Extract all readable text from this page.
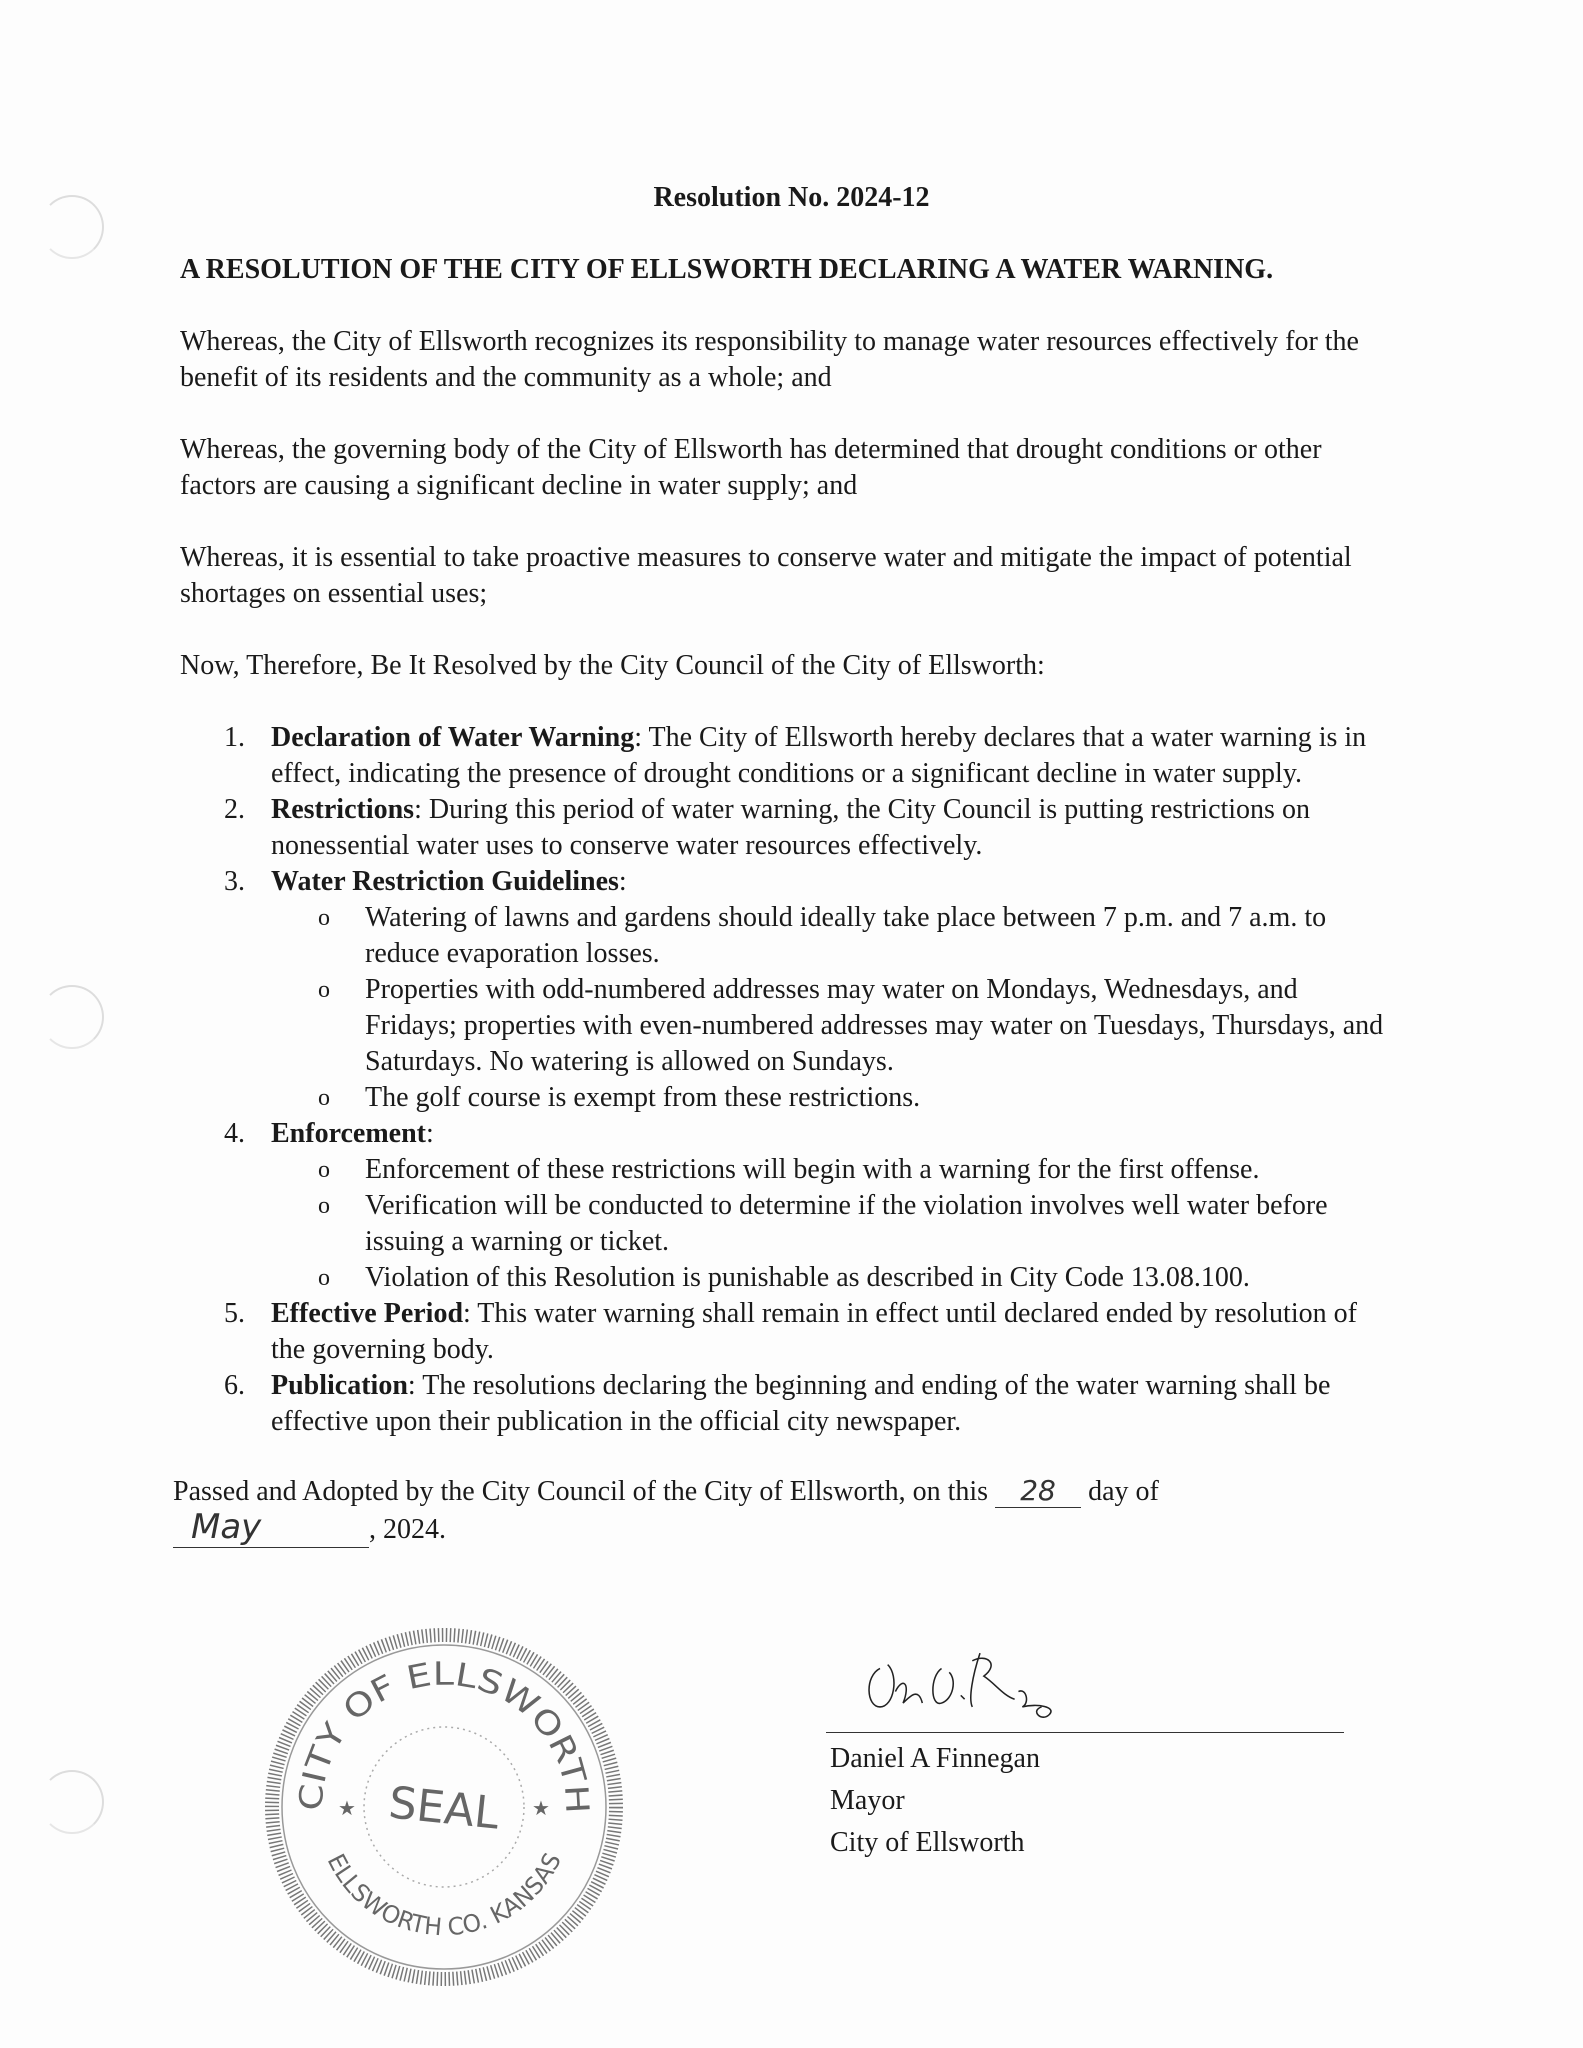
Resolution No. 2024-12
A RESOLUTION OF THE CITY OF ELLSWORTH DECLARING A WATER WARNING.
Whereas, the City of Ellsworth recognizes its responsibility to manage water resources effectively for the benefit of its residents and the community as a whole; and
Whereas, the governing body of the City of Ellsworth has determined that drought conditions or other factors are causing a significant decline in water supply; and
Whereas, it is essential to take proactive measures to conserve water and mitigate the impact of potential shortages on essential uses;
Now, Therefore, Be It Resolved by the City Council of the City of Ellsworth:
1. Declaration of Water Warning: The City of Ellsworth hereby declares that a water warning is in effect, indicating the presence of drought conditions or a significant decline in water supply.
2. Restrictions: During this period of water warning, the City Council is putting restrictions on nonessential water uses to conserve water resources effectively.
3. Water Restriction Guidelines:
o Watering of lawns and gardens should ideally take place between 7 p.m. and 7 a.m. to reduce evaporation losses.
o Properties with odd-numbered addresses may water on Mondays, Wednesdays, and Fridays; properties with even-numbered addresses may water on Tuesdays, Thursdays, and Saturdays. No watering is allowed on Sundays.
o The golf course is exempt from these restrictions.
4. Enforcement:
o Enforcement of these restrictions will begin with a warning for the first offense.
o Verification will be conducted to determine if the violation involves well water before issuing a warning or ticket.
o Violation of this Resolution is punishable as described in City Code 13.08.100.
5. Effective Period: This water warning shall remain in effect until declared ended by resolution of the governing body.
6. Publication: The resolutions declaring the beginning and ending of the water warning shall be effective upon their publication in the official city newspaper.
Passed and Adopted by the City Council of the City of Ellsworth, on this 28 day of
May	, 2024.
CITY OF ELLSWORTH
ELLSWORTH CO. KANSAS
SEAL
★	★
Daniel A Finnegan
Mayor
City of Ellsworth
